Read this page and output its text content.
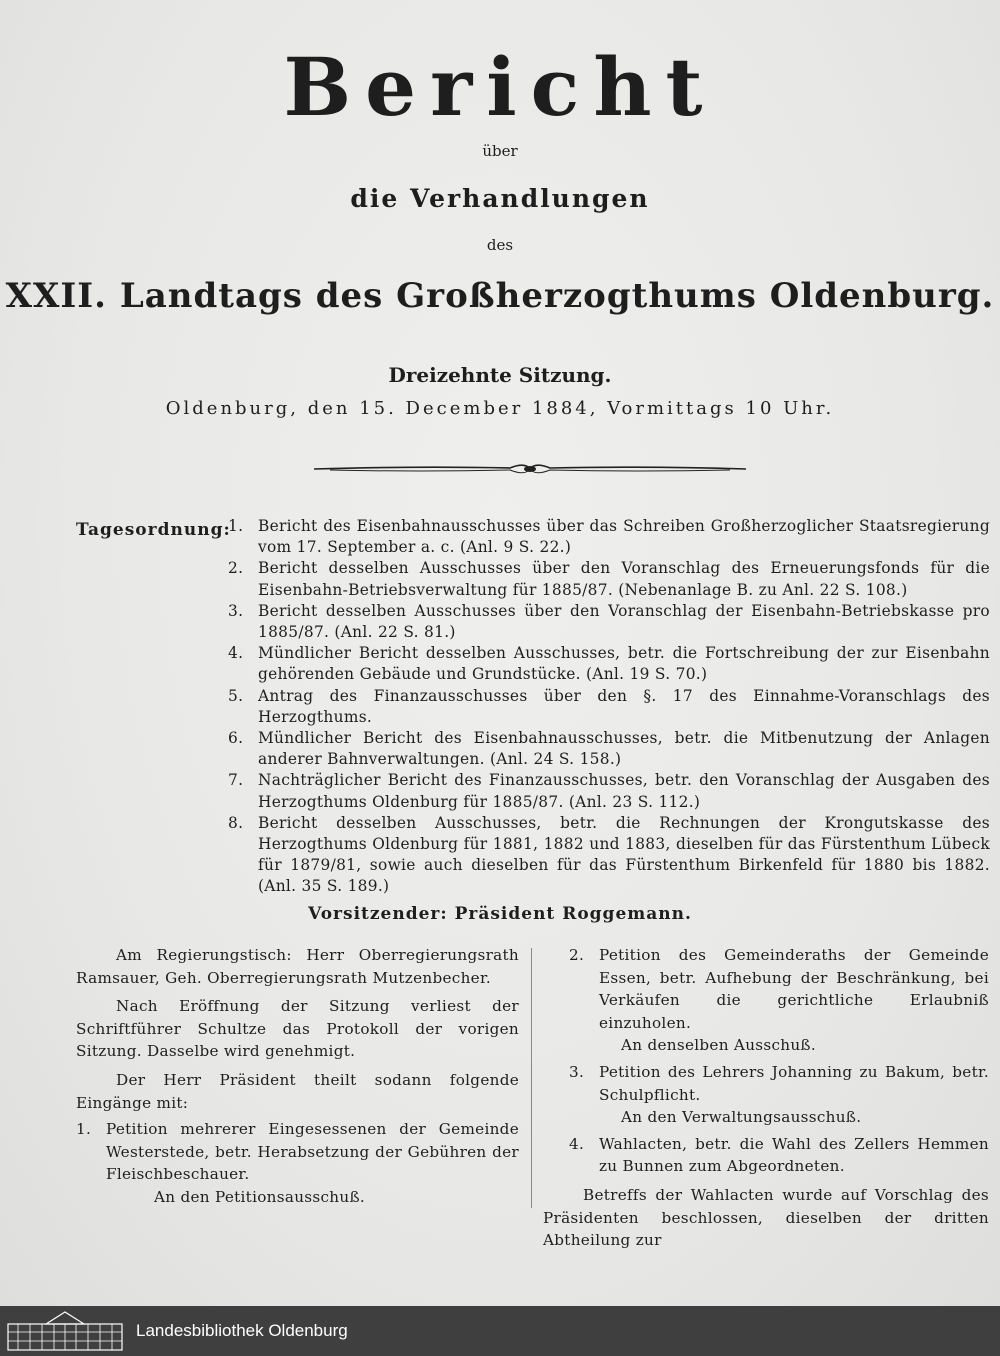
Bericht
über
die Verhandlungen
des
XXII. Landtags des Großherzogthums Oldenburg.
Dreizehnte Sitzung.
Oldenburg, den 15. December 1884, Vormittags 10 Uhr.
Tagesordnung:
1. Bericht des Eisenbahnausschusses über das Schreiben Großherzoglicher Staatsregierung vom 17. September a. c. (Anl. 9 S. 22.)
2. Bericht desselben Ausschusses über den Voranschlag des Erneuerungsfonds für die Eisenbahn-Betriebsverwaltung für 1885/87. (Nebenanlage B. zu Anl. 22 S. 108.)
3. Bericht desselben Ausschusses über den Voranschlag der Eisenbahn-Betriebskasse pro 1885/87. (Anl. 22 S. 81.)
4. Mündlicher Bericht desselben Ausschusses, betr. die Fortschreibung der zur Eisenbahn gehörenden Gebäude und Grundstücke. (Anl. 19 S. 70.)
5. Antrag des Finanzausschusses über den §. 17 des Einnahme-Voranschlags des Herzogthums.
6. Mündlicher Bericht des Eisenbahnausschusses, betr. die Mitbenutzung der Anlagen anderer Bahnverwaltungen. (Anl. 24 S. 158.)
7. Nachträglicher Bericht des Finanzausschusses, betr. den Voranschlag der Ausgaben des Herzogthums Oldenburg für 1885/87. (Anl. 23 S. 112.)
8. Bericht desselben Ausschusses, betr. die Rechnungen der Krongutskasse des Herzogthums Oldenburg für 1881, 1882 und 1883, dieselben für das Fürstenthum Lübeck für 1879/81, sowie auch dieselben für das Fürstenthum Birkenfeld für 1880 bis 1882. (Anl. 35 S. 189.)
Vorsitzender: Präsident Roggemann.

Am Regierungstisch: Herr Oberregierungsrath Ramsauer, Geh. Oberregierungsrath Mutzenbecher.

Nach Eröffnung der Sitzung verliest der Schriftführer Schultze das Protokoll der vorigen Sitzung. Dasselbe wird genehmigt.

Der Herr Präsident theilt sodann folgende Eingänge mit:

1. Petition mehrerer Eingesessenen der Gemeinde Westerstede, betr. Herabsetzung der Gebühren der Fleischbeschauer.
An den Petitionsausschuß.
2. Petition des Gemeinderaths der Gemeinde Essen, betr. Aufhebung der Beschränkung, bei Verkäufen die gerichtliche Erlaubniß einzuholen.
An denselben Ausschuß.
3. Petition des Lehrers Johanning zu Bakum, betr. Schulpflicht.
An den Verwaltungsausschuß.
4. Wahlacten, betr. die Wahl des Zellers Hemmen zu Bunnen zum Abgeordneten.

Betreffs der Wahlacten wurde auf Vorschlag des Präsidenten beschlossen, dieselben der dritten Abtheilung zur

Landesbibliothek Oldenburg
